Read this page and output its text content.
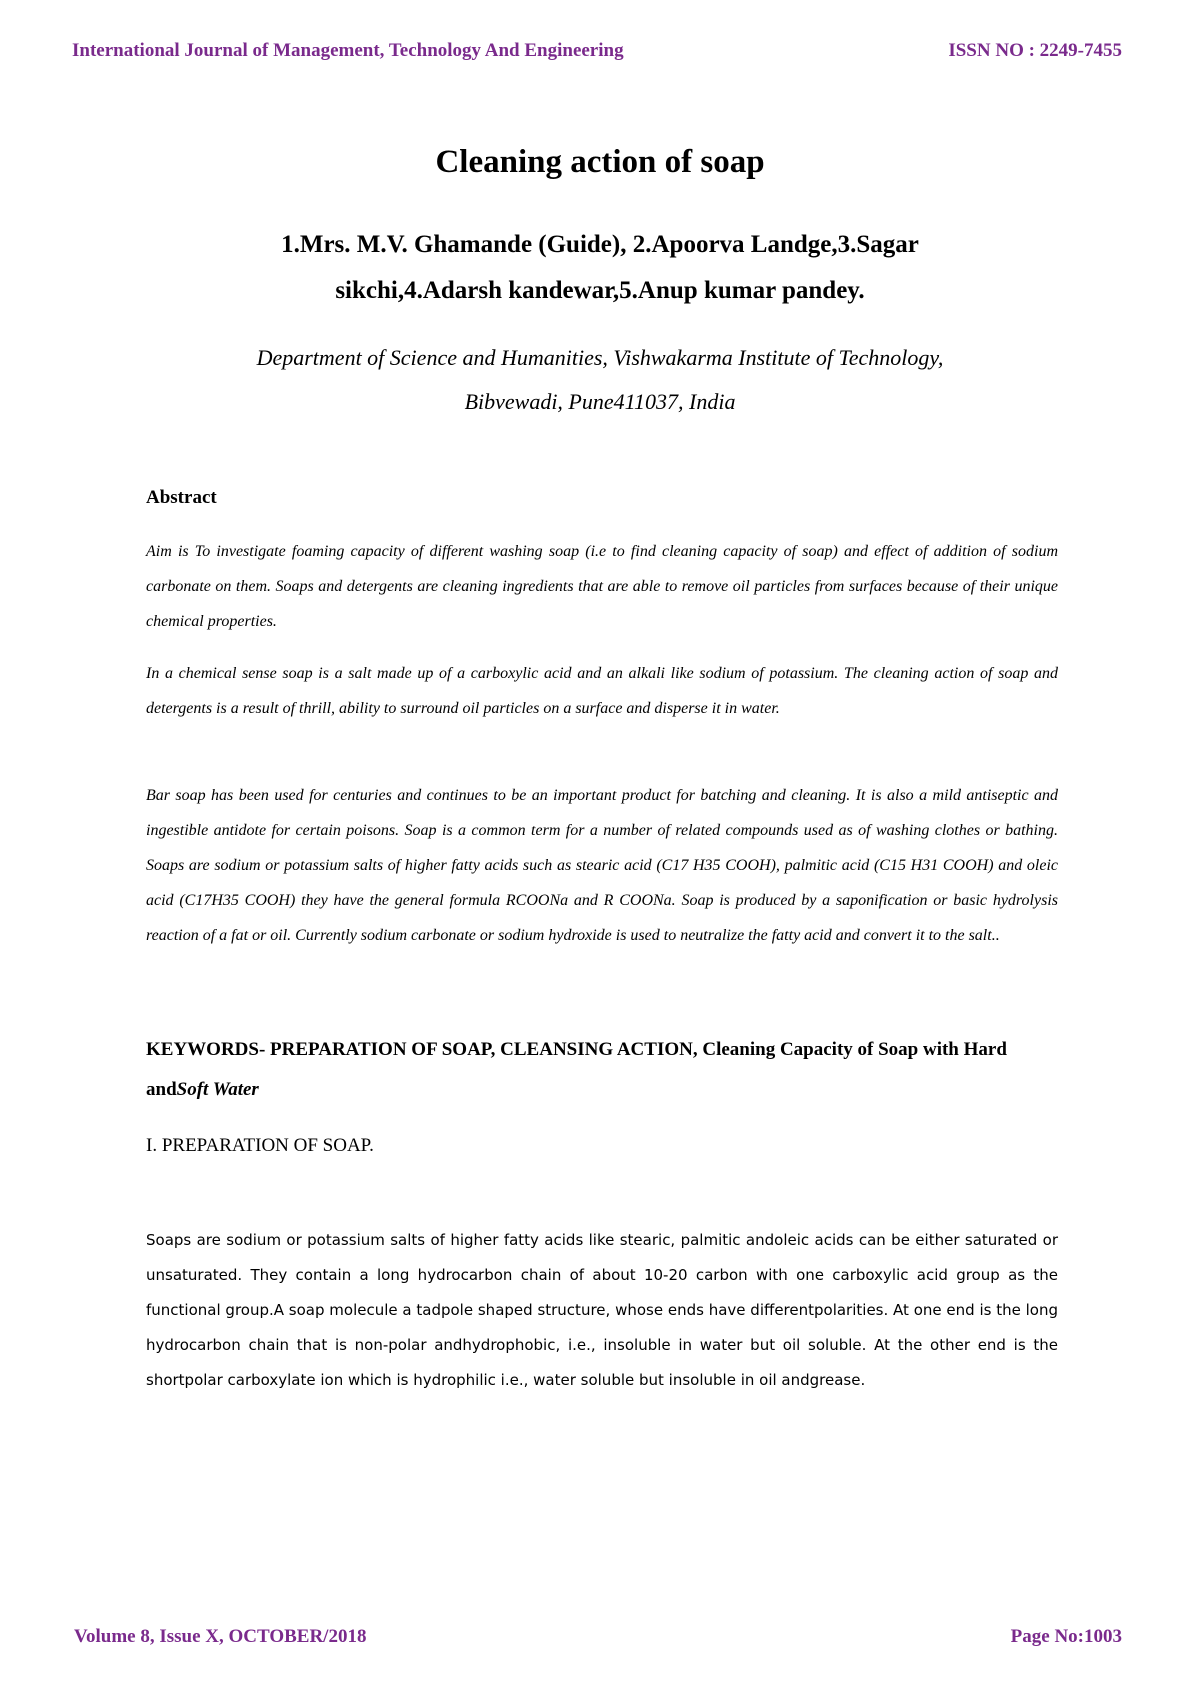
International Journal of Management, Technology And Engineering	ISSN NO : 2249-7455
Cleaning action of soap
1.Mrs. M.V. Ghamande (Guide), 2.Apoorva Landge,3.Sagar
sikchi,4.Adarsh kandewar,5.Anup kumar pandey.
Department of Science and Humanities, Vishwakarma Institute of Technology,
Bibvewadi, Pune411037, India
Abstract
Aim is To investigate foaming capacity of different washing soap (i.e to find cleaning capacity of soap) and effect of addition of sodium carbonate on them. Soaps and detergents are cleaning ingredients that are able to remove oil particles from surfaces because of their unique chemical properties.
In a chemical sense soap is a salt made up of a carboxylic acid and an alkali like sodium of potassium. The cleaning action of soap and detergents is a result of thrill, ability to surround oil particles on a surface and disperse it in water.
Bar soap has been used for centuries and continues to be an important product for batching and cleaning. It is also a mild antiseptic and ingestible antidote for certain poisons. Soap is a common term for a number of related compounds used as of washing clothes or bathing. Soaps are sodium or potassium salts of higher fatty acids such as stearic acid (C17 H35 COOH), palmitic acid (C15 H31 COOH) and oleic acid (C17H35 COOH) they have the general formula RCOONa and R COONa. Soap is produced by a saponification or basic hydrolysis reaction of a fat or oil. Currently sodium carbonate or sodium hydroxide is used to neutralize the fatty acid and convert it to the salt..
KEYWORDS- PREPARATION OF SOAP, CLEANSING ACTION, Cleaning Capacity of Soap with Hard andSoft Water
I. PREPARATION OF SOAP.
Soaps are sodium or potassium salts of higher fatty acids like stearic, palmitic andoleic acids can be either saturated or unsaturated. They contain a long hydrocarbon chain of about 10-20 carbon with one carboxylic acid group as the functional group.A soap molecule a tadpole shaped structure, whose ends have differentpolarities. At one end is the long hydrocarbon chain that is non-polar andhydrophobic, i.e., insoluble in water but oil soluble. At the other end is the shortpolar carboxylate ion which is hydrophilic i.e., water soluble but insoluble in oil andgrease.
Volume 8, Issue X, OCTOBER/2018	Page No:1003
